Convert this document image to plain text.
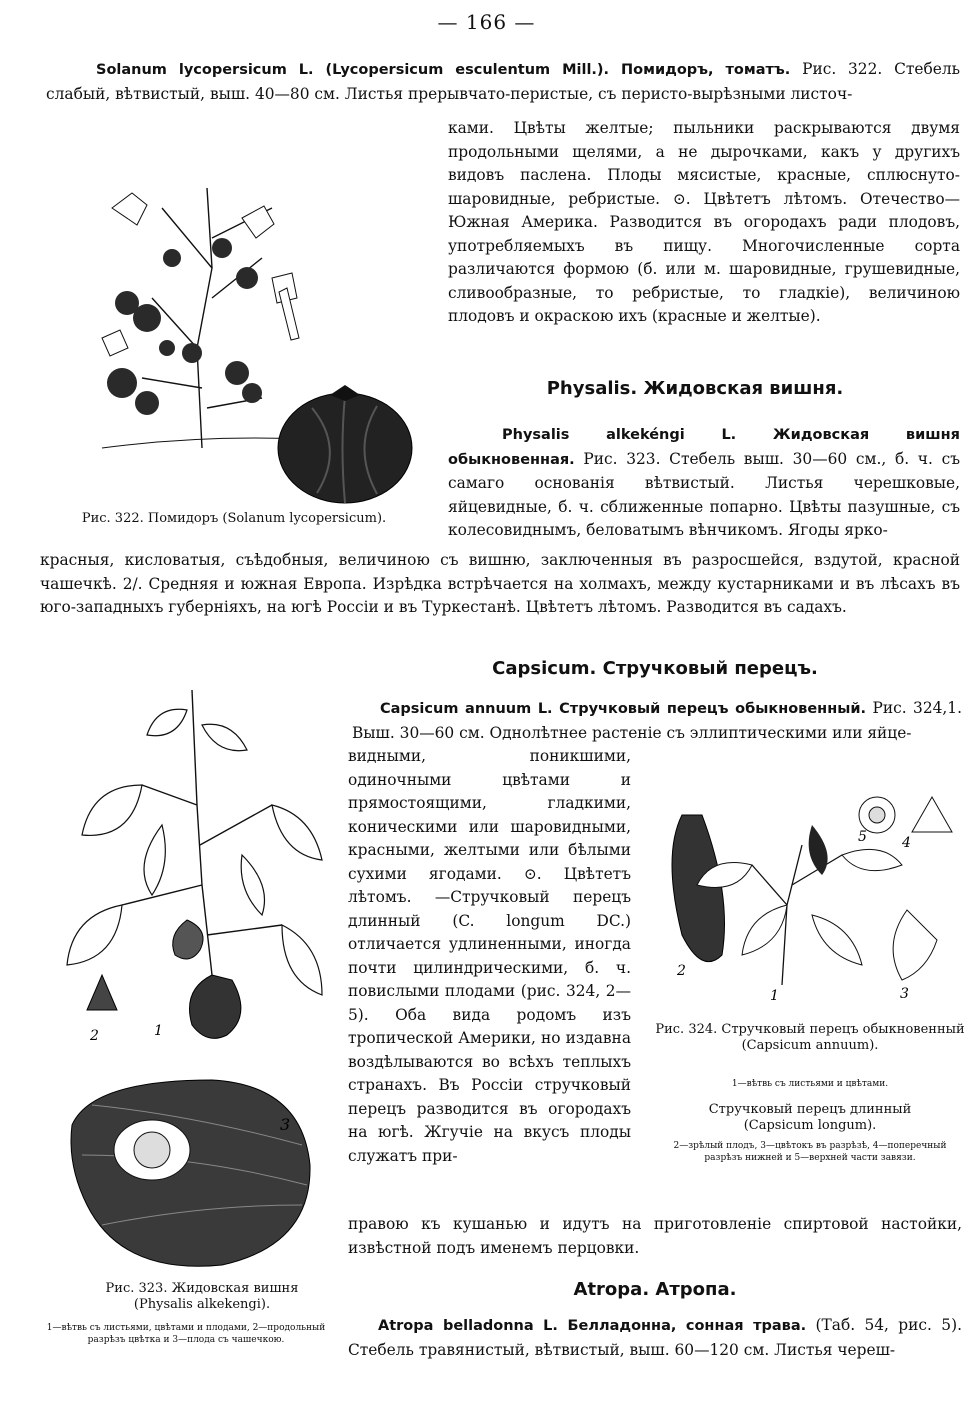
— 166 —
Solanum lycopersicum L. (Lycopersicum esculentum Mill.). Помидоръ, томатъ. Рис. 322. Стебель слабый, вѣтвистый, выш. 40—80 см. Листья прерывчато-перистые, съ перисто-вырѣзными листоч-
ками. Цвѣты желтые; пыльники раскрываются двумя продольными щелями, а не дырочками, какъ у другихъ видовъ паслена. Плоды мясистые, красные, сплюснуто-шаровидные, ребристые. ⊙. Цвѣтетъ лѣтомъ. Отечество—Южная Америка. Разводится въ огородахъ ради плодовъ, употребляемыхъ въ пищу. Многочисленные сорта различаются формою (б. или м. шаровидные, грушевидные, сливообразные, то ребристые, то гладкіе), величиною плодовъ и окраскою ихъ (красные и желтые).
Рис. 322. Помидоръ (Solanum lycopersicum).
Physalis. Жидовская вишня.
Physalis alkekéngi L. Жидовская вишня обыкновенная. Рис. 323. Стебель выш. 30—60 см., б. ч. съ самаго основанія вѣтвистый. Листья черешковые, яйцевидные, б. ч. сближенные попарно. Цвѣты пазушные, съ колесовиднымъ, беловатымъ вѣнчикомъ. Ягоды ярко-
красныя, кисловатыя, съѣдобныя, величиною съ вишню, заключенныя въ разросшейся, вздутой, красной чашечкѣ. 2/. Средняя и южная Европа. Изрѣдка встрѣчается на холмахъ, между кустарниками и въ лѣсахъ въ юго-западныхъ губерніяхъ, на югѣ Россіи и въ Туркестанѣ. Цвѣтетъ лѣтомъ. Разводится въ садахъ.
Capsicum. Стручковый перецъ.
Capsicum annuum L. Стручковый перецъ обыкновенный. Рис. 324,1. Выш. 30—60 см. Однолѣтнее растеніе съ эллиптическими или яйце-
видными, поникшими, одиночными цвѣтами и прямостоящими, гладкими, коническими или шаровидными, красными, желтыми или бѣлыми сухими ягодами. ⊙. Цвѣтетъ лѣтомъ. —Стручковый перецъ длинный (C. longum DC.) отличается удлиненными, иногда почти цилиндрическими, б. ч. повислыми плодами (рис. 324, 2—5). Оба вида родомъ изъ тропической Америки, но издавна воздѣлываются во всѣхъ теплыхъ странахъ. Въ Россіи стручковый перецъ разводится въ огородахъ на югѣ. Жгучіе на вкусъ плоды служатъ при-
правою къ кушанью и идутъ на приготовленіе спиртовой настойки, извѣстной подъ именемъ перцовки.
2	1
3
Рис. 323. Жидовская вишня
(Physalis alkekengi).
1—вѣтвь съ листьями, цвѣтами и плодами, 2—продольный разрѣзъ цвѣтка и 3—плода съ чашечкою.
2
1	3
4
5
Рис. 324. Стручковый перецъ обыкновенный
(Capsicum annuum).
1—вѣтвь съ листьями и цвѣтами.
Стручковый перецъ длинный
(Capsicum longum).
2—зрѣлый плодъ, 3—цвѣтокъ въ разрѣзѣ, 4—поперечный разрѣзъ нижней и 5—верхней части завязи.
Atropa. Атропа.
Atropa belladonna L. Белладонна, сонная трава. (Таб. 54, рис. 5). Стебель травянистый, вѣтвистый, выш. 60—120 см. Листья череш-
